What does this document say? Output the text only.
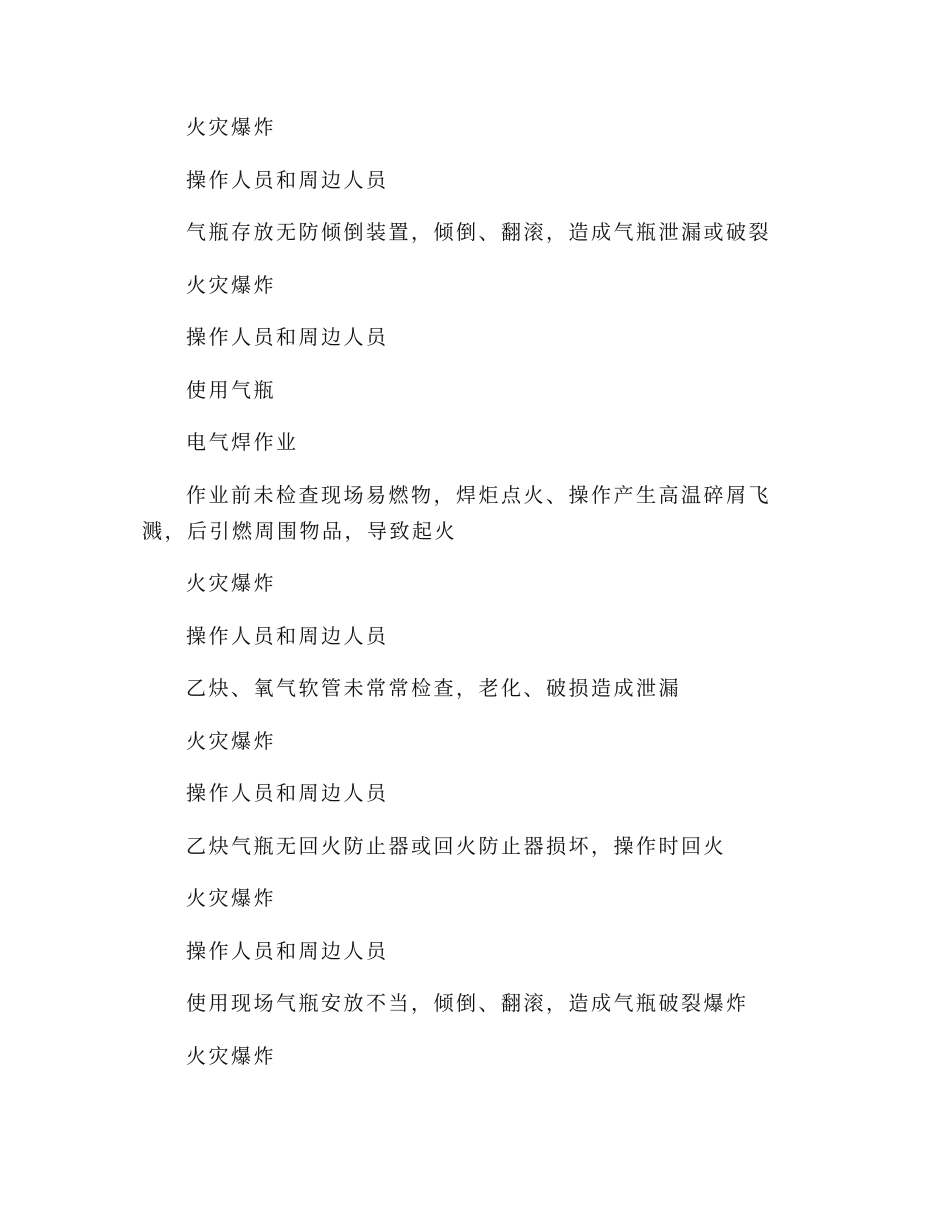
火灾爆炸

操作人员和周边人员

气瓶存放无防倾倒装置，倾倒、翻滚，造成气瓶泄漏或破裂

火灾爆炸

操作人员和周边人员

使用气瓶

电气焊作业

作业前未检查现场易燃物，焊炬点火、操作产生高温碎屑飞溅，后引燃周围物品，导致起火

火灾爆炸

操作人员和周边人员

乙炔、氧气软管未常常检查，老化、破损造成泄漏

火灾爆炸

操作人员和周边人员

乙炔气瓶无回火防止器或回火防止器损坏，操作时回火

火灾爆炸

操作人员和周边人员

使用现场气瓶安放不当，倾倒、翻滚，造成气瓶破裂爆炸

火灾爆炸
